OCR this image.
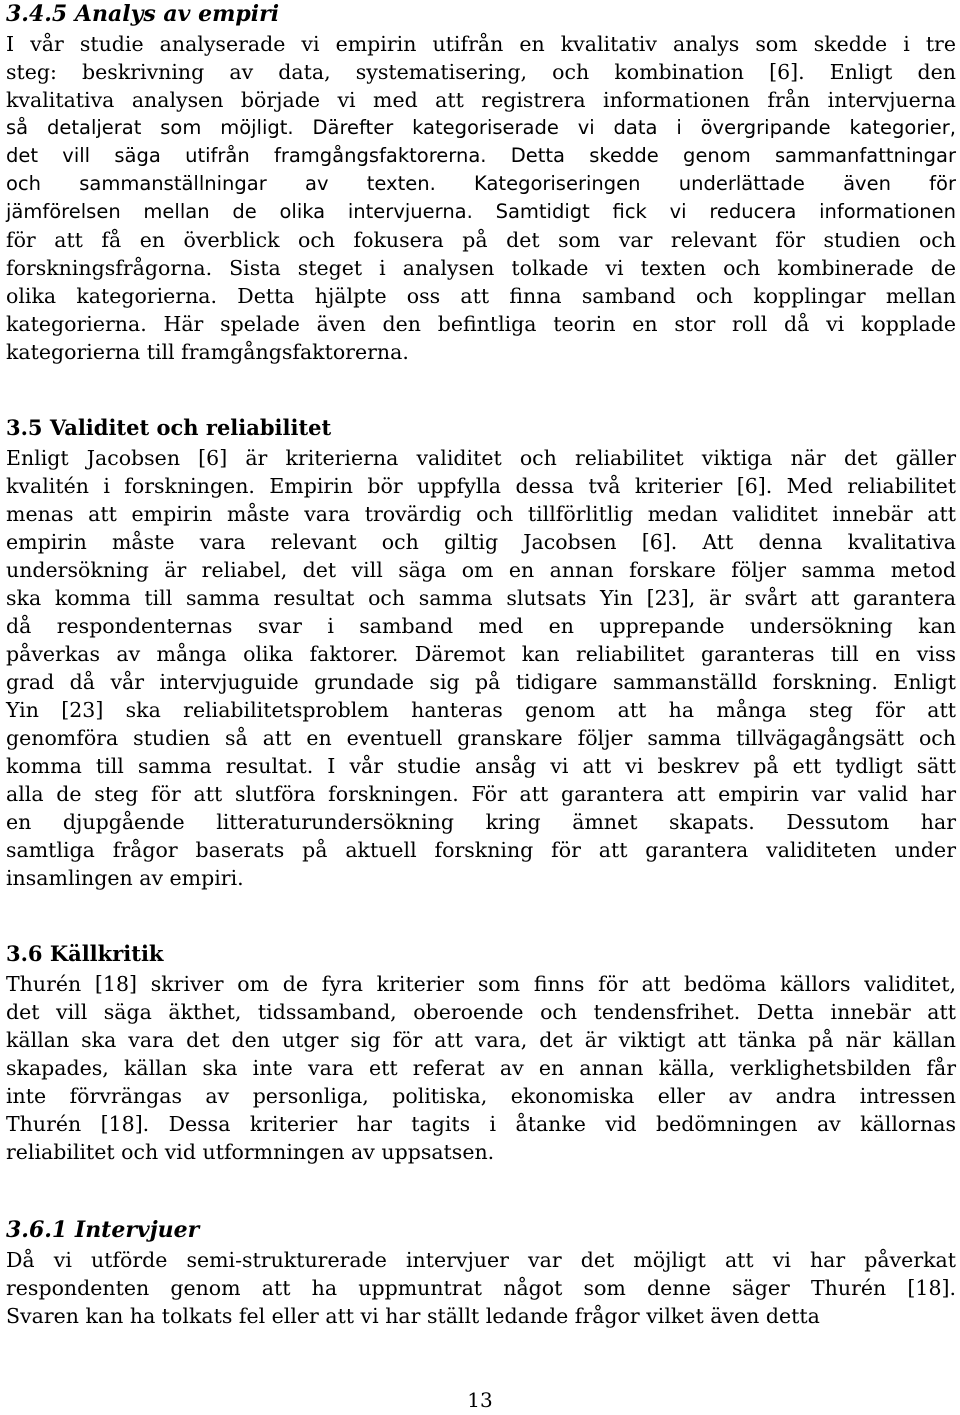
3.4.5 Analys av empiri
I vår studie analyserade vi empirin utifrån en kvalitativ analys som skedde i tre
steg: beskrivning av data, systematisering, och kombination [6]. Enligt den
kvalitativa analysen började vi med att registrera informationen från intervjuerna
så detaljerat som möjligt. Därefter kategoriserade vi data i övergripande kategorier,
det vill säga utifrån framgångsfaktorerna. Detta skedde genom sammanfattningar
och sammanställningar av texten. Kategoriseringen underlättade även för
jämförelsen mellan de olika intervjuerna. Samtidigt fick vi reducera informationen
för att få en överblick och fokusera på det som var relevant för studien och
forskningsfrågorna. Sista steget i analysen tolkade vi texten och kombinerade de
olika kategorierna. Detta hjälpte oss att finna samband och kopplingar mellan
kategorierna. Här spelade även den befintliga teorin en stor roll då vi kopplade
kategorierna till framgångsfaktorerna.
3.5 Validitet och reliabilitet
Enligt Jacobsen [6] är kriterierna validitet och reliabilitet viktiga när det gäller
kvalitén i forskningen. Empirin bör uppfylla dessa två kriterier [6]. Med reliabilitet
menas att empirin måste vara trovärdig och tillförlitlig medan validitet innebär att
empirin måste vara relevant och giltig Jacobsen [6]. Att denna kvalitativa
undersökning är reliabel, det vill säga om en annan forskare följer samma metod
ska komma till samma resultat och samma slutsats Yin [23], är svårt att garantera
då respondenternas svar i samband med en upprepande undersökning kan
påverkas av många olika faktorer. Däremot kan reliabilitet garanteras till en viss
grad då vår intervjuguide grundade sig på tidigare sammanställd forskning. Enligt
Yin [23] ska reliabilitetsproblem hanteras genom att ha många steg för att
genomföra studien så att en eventuell granskare följer samma tillvägagångsätt och
komma till samma resultat. I vår studie ansåg vi att vi beskrev på ett tydligt sätt
alla de steg för att slutföra forskningen. För att garantera att empirin var valid har
en djupgående litteraturundersökning kring ämnet skapats. Dessutom har
samtliga frågor baserats på aktuell forskning för att garantera validiteten under
insamlingen av empiri.
3.6 Källkritik
Thurén [18] skriver om de fyra kriterier som finns för att bedöma källors validitet,
det vill säga äkthet, tidssamband, oberoende och tendensfrihet. Detta innebär att
källan ska vara det den utger sig för att vara, det är viktigt att tänka på när källan
skapades, källan ska inte vara ett referat av en annan källa, verklighetsbilden får
inte förvrängas av personliga, politiska, ekonomiska eller av andra intressen
Thurén [18]. Dessa kriterier har tagits i åtanke vid bedömningen av källornas
reliabilitet och vid utformningen av uppsatsen.
3.6.1 Intervjuer
Då vi utförde semi-strukturerade intervjuer var det möjligt att vi har påverkat
respondenten genom att ha uppmuntrat något som denne säger Thurén [18].
Svaren kan ha tolkats fel eller att vi har ställt ledande frågor vilket även detta
13
